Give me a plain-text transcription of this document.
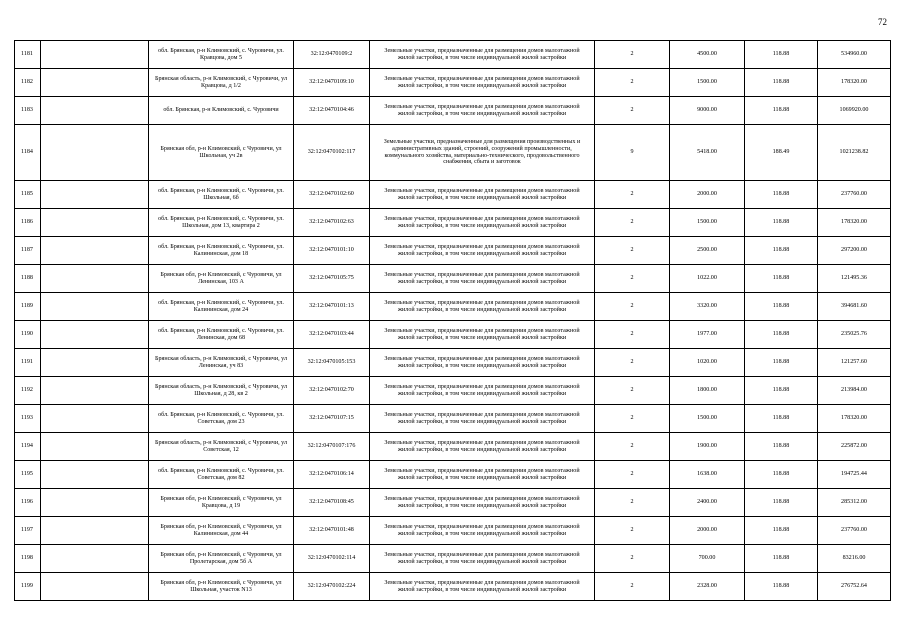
72
1181		обл. Брянская, р-н Климовский, с. Чуровичи, ул. Кравцова, дом 5	32:12:0470109:2	Земельные участки, предназначенные для размещения домов малоэтажной жилой застройки, в том числе индивидуальной жилой застройки	2	4500.00	118.88	534960.00
1182		Брянская область, р-н Климовский, с Чуровичи, ул Кравцова, д 1/2	32:12:0470109:10	Земельные участки, предназначенные для размещения домов малоэтажной жилой застройки, в том числе индивидуальной жилой застройки	2	1500.00	118.88	178320.00
1183		обл. Брянская, р-н Климовский, с. Чуровичи	32:12:0470104:46	Земельные участки, предназначенные для размещения домов малоэтажной жилой застройки, в том числе индивидуальной жилой застройки	2	9000.00	118.88	1069920.00
1184		Брянская обл, р-н Климовский, с Чуровичи, ул Школьная, уч 2в	32:12:0470102:117	Земельные участки, предназначенные для размещения производственных и административных зданий, строений, сооружений промышленности, коммунального хозяйства, материально-технического, продовольственного снабжения, сбыта и заготовок	9	5418.00	188.49	1021238.82
1185		обл. Брянская, р-н Климовский, с. Чуровичи, ул. Школьная, 6б	32:12:0470102:60	Земельные участки, предназначенные для размещения домов малоэтажной жилой застройки, в том числе индивидуальной жилой застройки	2	2000.00	118.88	237760.00
1186		обл. Брянская, р-н Климовский, с. Чуровичи, ул. Школьная, дом 13, квартира 2	32:12:0470102:63	Земельные участки, предназначенные для размещения домов малоэтажной жилой застройки, в том числе индивидуальной жилой застройки	2	1500.00	118.88	178320.00
1187		обл. Брянская, р-н Климовский, с. Чуровичи, ул. Калининская, дом 18	32:12:0470101:10	Земельные участки, предназначенные для размещения домов малоэтажной жилой застройки, в том числе индивидуальной жилой застройки	2	2500.00	118.88	297200.00
1188		Брянская обл, р-н Климовский, с Чуровичи, ул Ленинская, 103 А	32:12:0470105:75	Земельные участки, предназначенные для размещения домов малоэтажной жилой застройки, в том числе индивидуальной жилой застройки	2	1022.00	118.88	121495.36
1189		обл. Брянская, р-н Климовский, с. Чуровичи, ул. Калининская, дом 24	32:12:0470101:13	Земельные участки, предназначенные для размещения домов малоэтажной жилой застройки, в том числе индивидуальной жилой застройки	2	3320.00	118.88	394681.60
1190		обл. Брянская, р-н Климовский, с. Чуровичи, ул. Ленинская, дом 68	32:12:0470103:44	Земельные участки, предназначенные для размещения домов малоэтажной жилой застройки, в том числе индивидуальной жилой застройки	2	1977.00	118.88	235025.76
1191		Брянская область, р-н Климовский, с Чуровичи, ул Ленинская, уч 83	32:12:0470105:153	Земельные участки, предназначенные для размещения домов малоэтажной жилой застройки, в том числе индивидуальной жилой застройки	2	1020.00	118.88	121257.60
1192		Брянская область, р-н Климовский, с Чуровичи, ул Школьная, д 28, кв 2	32:12:0470102:70	Земельные участки, предназначенные для размещения домов малоэтажной жилой застройки, в том числе индивидуальной жилой застройки	2	1800.00	118.88	213984.00
1193		обл. Брянская, р-н Климовский, с. Чуровичи, ул. Советская, дом 23	32:12:0470107:15	Земельные участки, предназначенные для размещения домов малоэтажной жилой застройки, в том числе индивидуальной жилой застройки	2	1500.00	118.88	178320.00
1194		Брянская область, р-н Климовский, с Чуровичи, ул Советская, 12	32:12:0470107:176	Земельные участки, предназначенные для размещения домов малоэтажной жилой застройки, в том числе индивидуальной жилой застройки	2	1900.00	118.88	225872.00
1195		обл. Брянская, р-н Климовский, с. Чуровичи, ул. Советская, дом 82	32:12:0470106:14	Земельные участки, предназначенные для размещения домов малоэтажной жилой застройки, в том числе индивидуальной жилой застройки	2	1638.00	118.88	194725.44
1196		Брянская обл, р-н Климовский, с Чуровичи, ул Кравцова, д 19	32:12:0470108:45	Земельные участки, предназначенные для размещения домов малоэтажной жилой застройки, в том числе индивидуальной жилой застройки	2	2400.00	118.88	285312.00
1197		Брянская обл, р-н Климовский, с Чуровичи, ул Калининская, дом 44	32:12:0470101:48	Земельные участки, предназначенные для размещения домов малоэтажной жилой застройки, в том числе индивидуальной жилой застройки	2	2000.00	118.88	237760.00
1198		Брянская обл, р-н Климовский, с Чуровичи, ул Пролетарская, дом 5б А	32:12:0470102:114	Земельные участки, предназначенные для размещения домов малоэтажной жилой застройки, в том числе индивидуальной жилой застройки	2	700.00	118.88	83216.00
1199		Брянская обл, р-н Климовский, с Чуровичи, ул Школьная, участок N13	32:12:0470102:224	Земельные участки, предназначенные для размещения домов малоэтажной жилой застройки, в том числе индивидуальной жилой застройки	2	2328.00	118.88	276752.64
